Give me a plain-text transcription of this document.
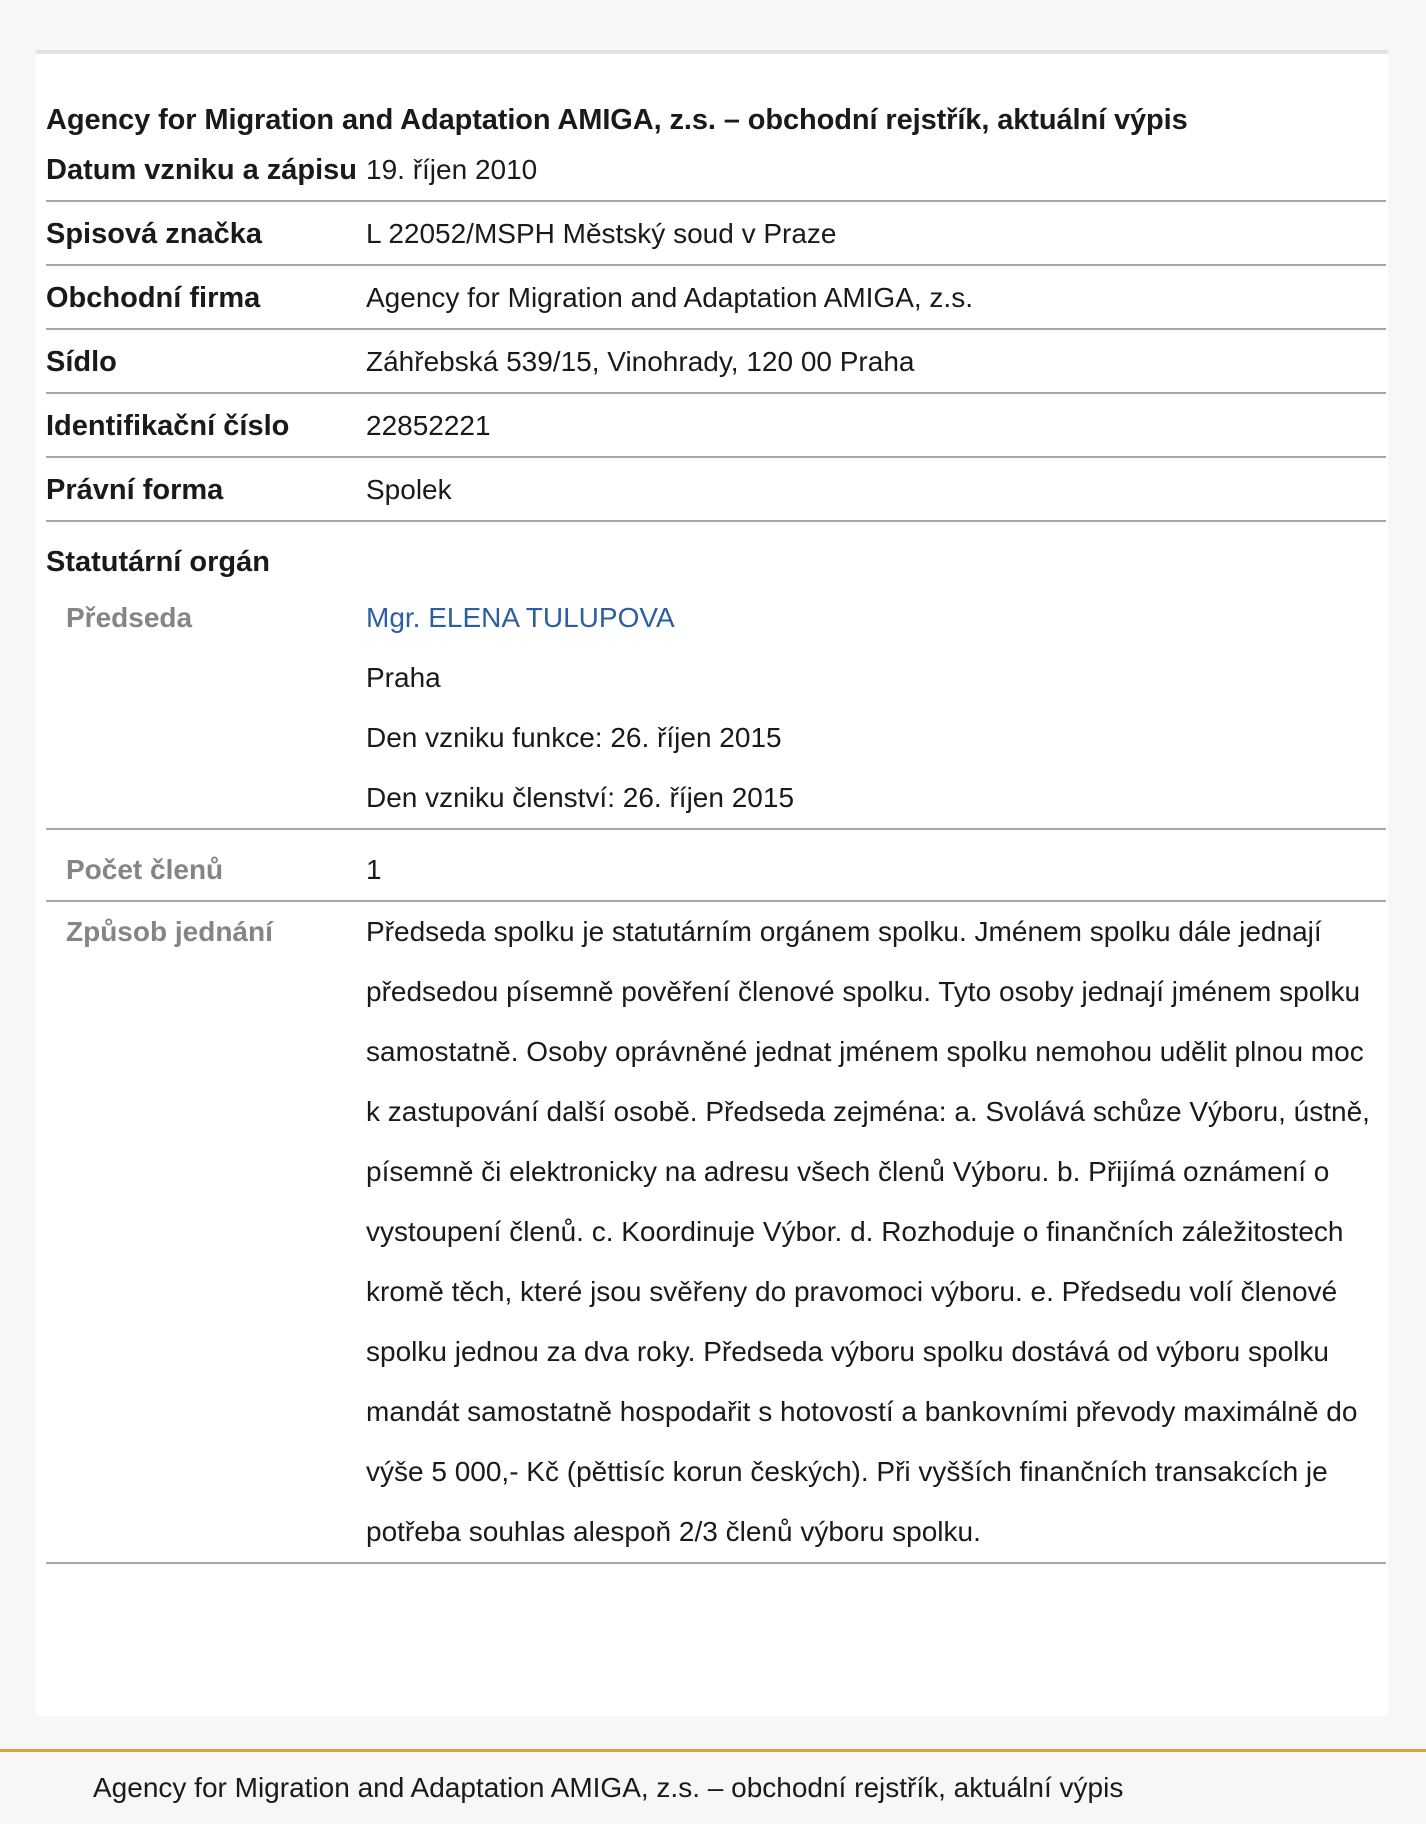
Agency for Migration and Adaptation AMIGA, z.s. – obchodní rejstřík, aktuální výpis
Datum vzniku a zápisu 19. říjen 2010
Spisová značka	L 22052/MSPH Městský soud v Praze
Obchodní firma	Agency for Migration and Adaptation AMIGA, z.s.
Sídlo	Záhřebská 539/15, Vinohrady, 120 00 Praha
Identifikační číslo	22852221
Právní forma	Spolek
Statutární orgán
Předseda	Mgr. ELENA TULUPOVA
Praha
Den vzniku funkce: 26. říjen 2015
Den vzniku členství: 26. říjen 2015
Počet členů	1
Způsob jednání	Předseda spolku je statutárním orgánem spolku. Jménem spolku dále jednají předsedou písemně pověření členové spolku. Tyto osoby jednají jménem spolku samostatně. Osoby oprávněné jednat jménem spolku nemohou udělit plnou moc k zastupování další osobě. Předseda zejména: a. Svolává schůze Výboru, ústně, písemně či elektronicky na adresu všech členů Výboru. b. Přijímá oznámení o vystoupení členů. c. Koordinuje Výbor. d. Rozhoduje o finančních záležitostech kromě těch, které jsou svěřeny do pravomoci výboru. e. Předsedu volí členové spolku jednou za dva roky. Předseda výboru spolku dostává od výboru spolku mandát samostatně hospodařit s hotovostí a bankovními převody maximálně do výše 5 000,- Kč (pěttisíc korun českých). Při vyšších finančních transakcích je potřeba souhlas alespoň 2/3 členů výboru spolku.
Agency for Migration and Adaptation AMIGA, z.s. – obchodní rejstřík, aktuální výpis
